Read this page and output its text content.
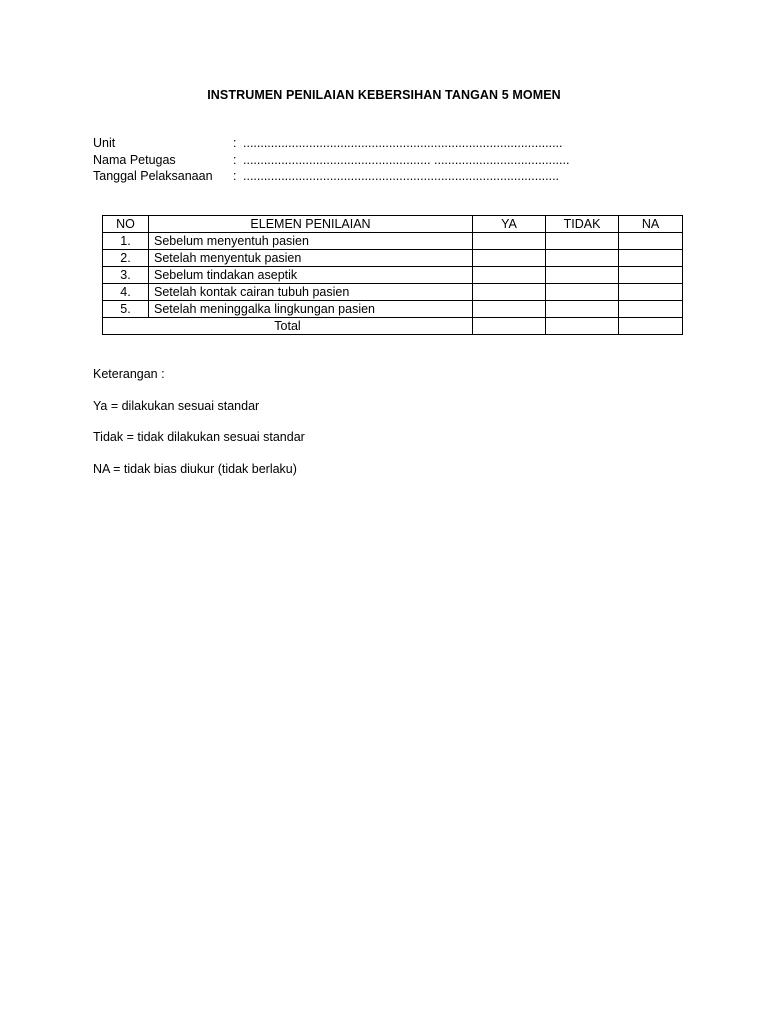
INSTRUMEN PENILAIAN KEBERSIHAN TANGAN 5 MOMEN
Unit	: ............................................................................................
Nama Petugas	: ...................................................... .......................................
Tanggal Pelaksanaan : ...........................................................................................
NO	ELEMEN PENILAIAN	YA	TIDAK	NA
1.	Sebelum menyentuh pasien			
2.	Setelah menyentuk pasien			
3.	Sebelum tindakan aseptik			
4.	Setelah kontak cairan tubuh pasien			
5.	Setelah meninggalka lingkungan pasien			
Total				
Keterangan :
Ya = dilakukan sesuai standar
Tidak = tidak dilakukan sesuai standar
NA = tidak bias diukur (tidak berlaku)
